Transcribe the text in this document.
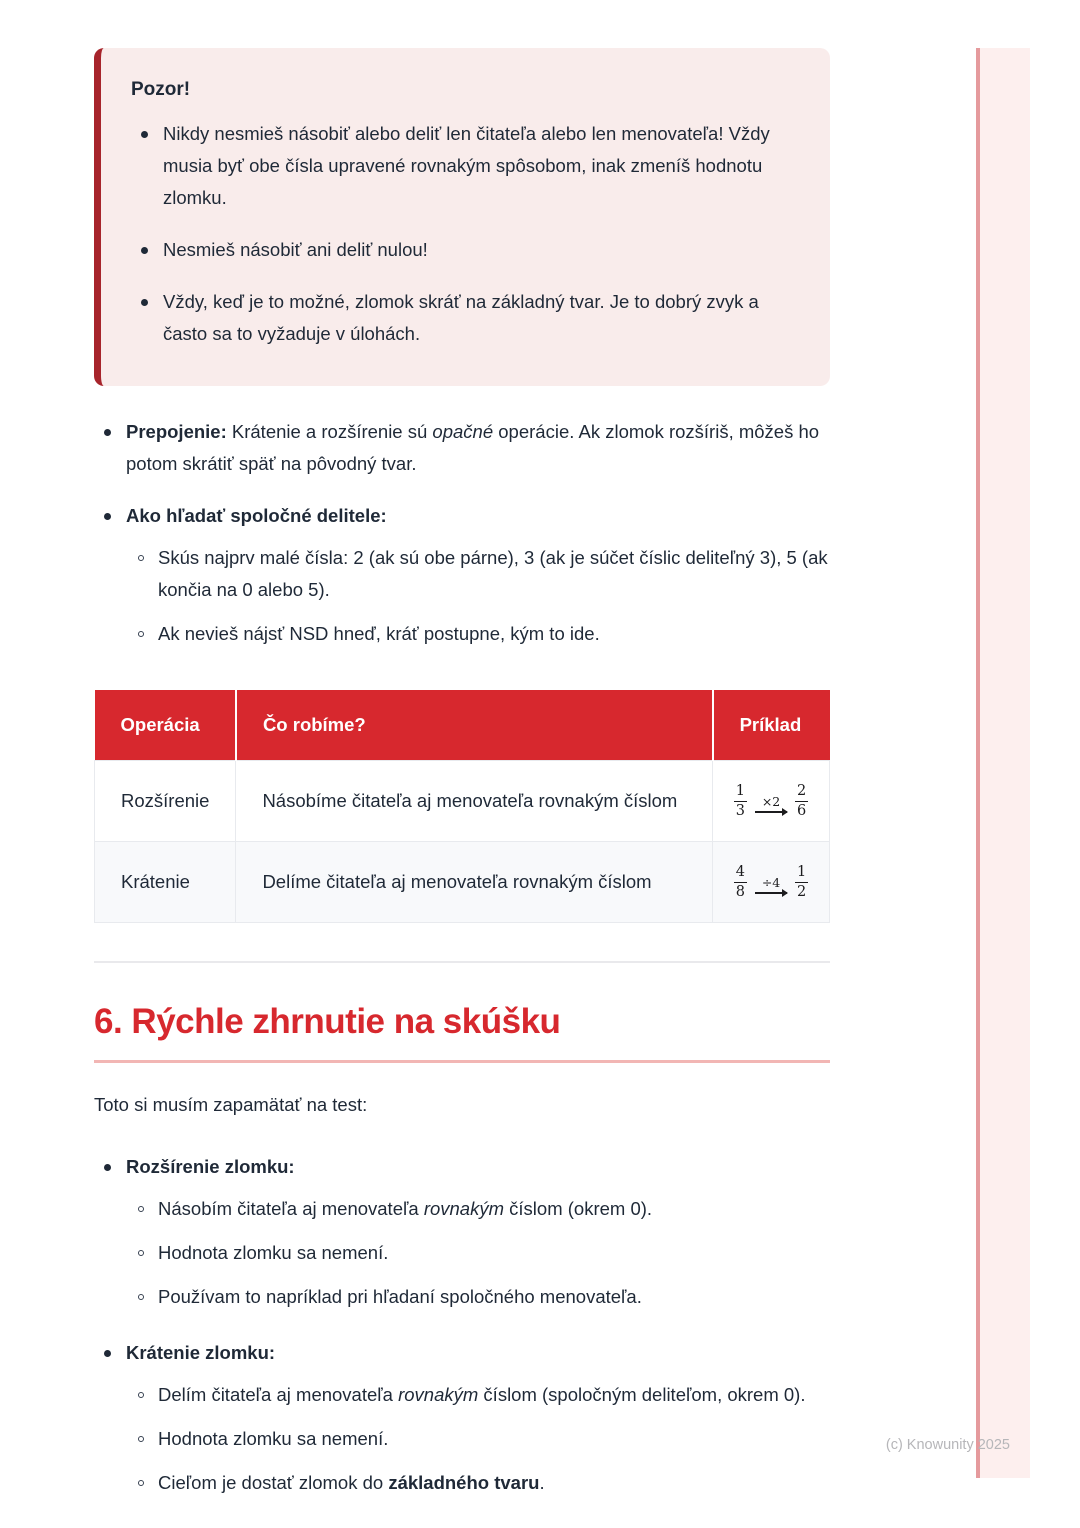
Pozor!
Nikdy nesmieš násobiť alebo deliť len čitateľa alebo len menovateľa! Vždy musia byť obe čísla upravené rovnakým spôsobom, inak zmeníš hodnotu zlomku.
Nesmieš násobiť ani deliť nulou!
Vždy, keď je to možné, zlomok skráť na základný tvar. Je to dobrý zvyk a často sa to vyžaduje v úlohách.
Prepojenie: Krátenie a rozšírenie sú opačné operácie. Ak zlomok rozšíriš, môžeš ho potom skrátiť späť na pôvodný tvar.
Ako hľadať spoločné delitele:
Skús najprv malé čísla: 2 (ak sú obe párne), 3 (ak je súčet číslic deliteľný 3), 5 (ak končia na 0 alebo 5).
Ak nevieš nájsť NSD hneď, kráť postupne, kým to ide.
Operácia	Čo robíme?	Príklad
Rozšírenie	Násobíme čitateľa aj menovateľa rovnakým číslom	$\frac{1}{3} \times 2 \frac{2}{6}$

Krátenie	Delíme čitateľa aj menovateľa rovnakým číslom	$\frac{4}{8} \div 4 \frac{1}{2}$
6. Rýchle zhrnutie na skúšku

Toto si musím zapamätať na test:

Rozšírenie zlomku:
Násobím čitateľa aj menovateľa rovnakým číslom (okrem 0).
Hodnota zlomku sa nemení.
Používam to napríklad pri hľadaní spoločného menovateľa.
Krátenie zlomku:
Delím čitateľa aj menovateľa rovnakým číslom (spoločným deliteľom, okrem 0).
Hodnota zlomku sa nemení.
Cieľom je dostať zlomok do základného tvaru.
(c) Knowunity 2025
